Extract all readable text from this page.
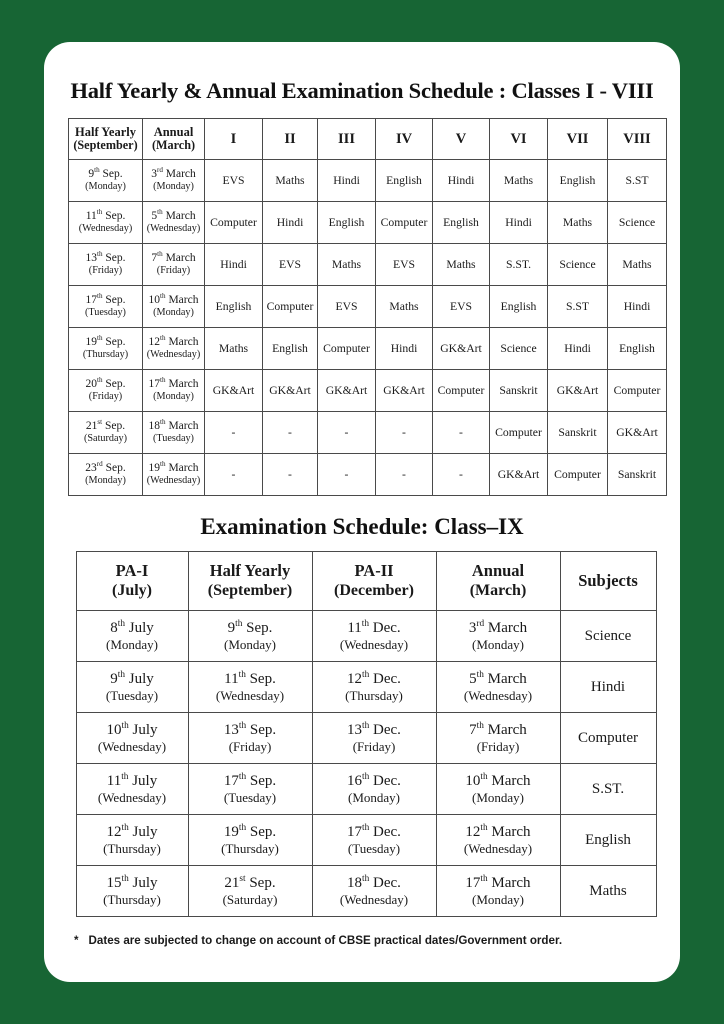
Half Yearly & Annual Examination Schedule : Classes I - VIII
Half Yearly
(September)	Annual
(March)	I	II	III	IV	V	VI	VII	VIII

9th Sep.
(Monday)	3rd March
(Monday)	EVS	Maths	Hindi	English	Hindi	Maths	English	S.ST

11th Sep.
(Wednesday)	5th March
(Wednesday)	Computer	Hindi	English	Computer	English	Hindi	Maths	Science

13th Sep.
(Friday)	7th March
(Friday)	Hindi	EVS	Maths	EVS	Maths	S.ST.	Science	Maths

17th Sep.
(Tuesday)	10th March
(Monday)	English	Computer	EVS	Maths	EVS	English	S.ST	Hindi

19th Sep.
(Thursday)	12th March
(Wednesday)	Maths	English	Computer	Hindi	GK&Art	Science	Hindi	English

20th Sep.
(Friday)	17th March
(Monday)	GK&Art	GK&Art	GK&Art	GK&Art	Computer	Sanskrit	GK&Art	Computer

21st Sep.
(Saturday)	18th March
(Tuesday)	-	-	-	-	-	Computer	Sanskrit	GK&Art

23rd Sep.
(Monday)	19th March
(Wednesday)	-	-	-	-	-	GK&Art	Computer	Sanskrit
Examination Schedule: Class–IX
PA-I
(July)	Half Yearly
(September)	PA-II
(December)	Annual
(March)	Subjects

8th July
(Monday)	9th Sep.
(Monday)	11th Dec.
(Wednesday)	3rd March
(Monday)	Science

9th July
(Tuesday)	11th Sep.
(Wednesday)	12th Dec.
(Thursday)	5th March
(Wednesday)	Hindi

10th July
(Wednesday)	13th Sep.
(Friday)	13th Dec.
(Friday)	7th March
(Friday)	Computer

11th July
(Wednesday)	17th Sep.
(Tuesday)	16th Dec.
(Monday)	10th March
(Monday)	S.ST.

12th July
(Thursday)	19th Sep.
(Thursday)	17th Dec.
(Tuesday)	12th March
(Wednesday)	English

15th July
(Thursday)	21st Sep.
(Saturday)	18th Dec.
(Wednesday)	17th March
(Monday)	Maths
* Dates are subjected to change on account of CBSE practical dates/Government order.
